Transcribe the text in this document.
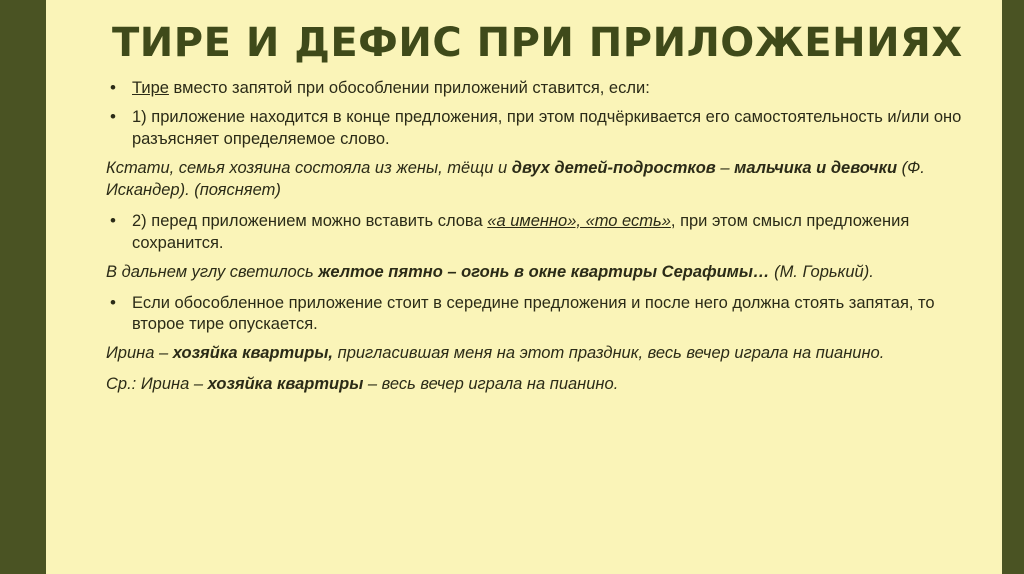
ТИРЕ И ДЕФИС ПРИ ПРИЛОЖЕНИЯХ
• Тире вместо запятой при обособлении приложений ставится, если:
• 1) приложение находится в конце предложения, при этом подчёркивается его самостоятельность и/или оно разъясняет определяемое слово.
Кстати, семья хозяина состояла из жены, тёщи и двух детей-подростков – мальчика и девочки (Ф. Искандер). (поясняет)
• 2) перед приложением можно вставить слова «а именно», «то есть», при этом смысл предложения сохранится.
В дальнем углу светилось желтое пятно – огонь в окне квартиры Серафимы… (М. Горький).
• Если обособленное приложение стоит в середине предложения и после него должна стоять запятая, то второе тире опускается.
Ирина – хозяйка квартиры, пригласившая меня на этот праздник, весь вечер играла на пианино.
Ср.: Ирина – хозяйка квартиры – весь вечер играла на пианино.
